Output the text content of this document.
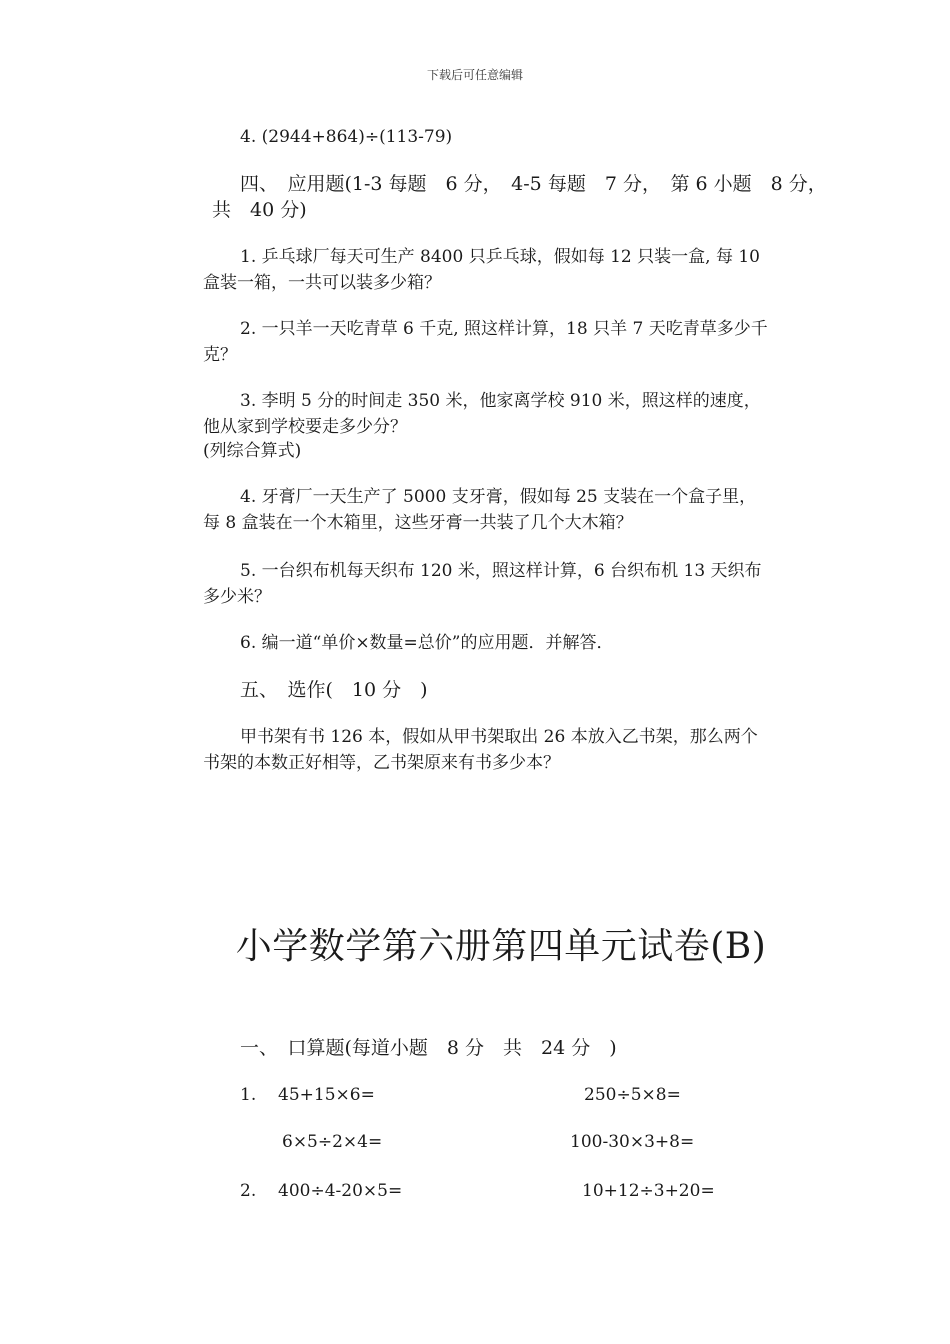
下载后可任意编辑
4. (2944+864)÷(113-79)
四、　应用题(1-3 每题　6 分，　4-5 每题　7 分，　第 6 小题　8 分，
共　40 分)
1. 乒乓球厂每天可生产 8400 只乒乓球，假如每 12 只装一盒, 每 10
盒装一箱，一共可以装多少箱？
2. 一只羊一天吃青草 6 千克, 照这样计算，18 只羊 7 天吃青草多少千
克？
3. 李明 5 分的时间走 350 米，他家离学校 910 米，照这样的速度，
他从家到学校要走多少分？
(列综合算式)
4. 牙膏厂一天生产了 5000 支牙膏，假如每 25 支装在一个盒子里，
每 8 盒装在一个木箱里，这些牙膏一共装了几个大木箱？
5. 一台织布机每天织布 120 米，照这样计算，6 台织布机 13 天织布
多少米？
6. 编一道“单价×数量=总价”的应用题．并解答．
五、　选作(　10 分　)
甲书架有书 126 本，假如从甲书架取出 26 本放入乙书架，那么两个
书架的本数正好相等，乙书架原来有书多少本？
小学数学第六册第四单元试卷(B)
一、　口算题(每道小题　8 分　共　24 分　)
1. 45+15×6=	250÷5×8=
6×5÷2×4=	100-30×3+8=
2. 400÷4-20×5=	10+12÷3+20=
